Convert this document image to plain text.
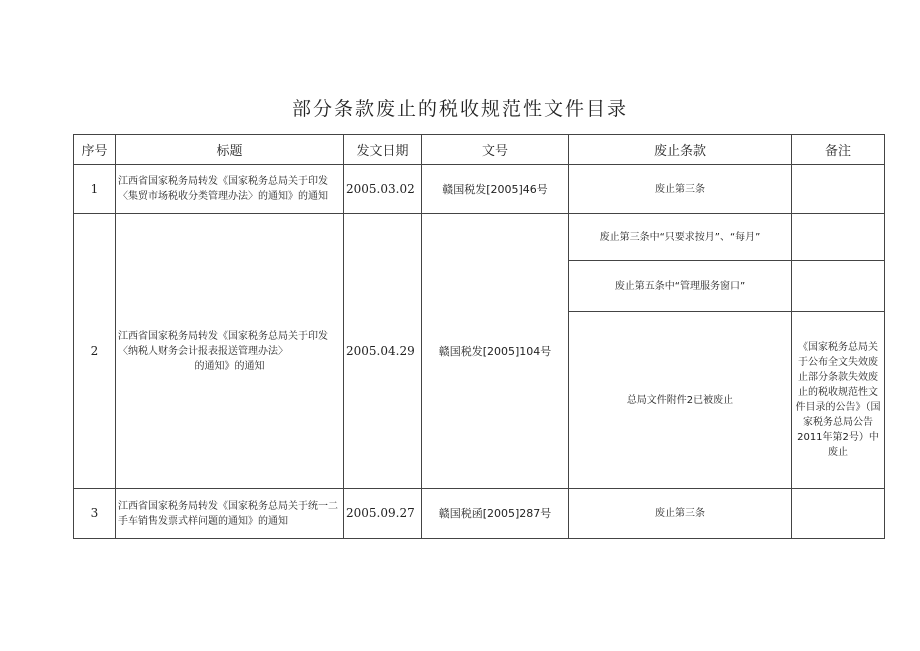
部分条款废止的税收规范性文件目录
序号	标题	发文日期	文号	废止条款	备注
1	江西省国家税务局转发《国家税务总局关于印发〈集贸市场税收分类管理办法〉的通知》的通知	2005.03.02	赣国税发[2005]46号	废止第三条	
2	江西省国家税务局转发《国家税务总局关于印发〈纳税人财务会计报表报送管理办法〉
的通知》的通知	2005.04.29	赣国税发[2005]104号	废止第三条中“只要求按月”、“每月”	
				废止第五条中“管理服务窗口”	
				总局文件附件2已被废止	《国家税务总局关于公布全文失效废止部分条款失效废止的税收规范性文件目录的公告》（国家税务总局公告2011年第2号）中废止
3	江西省国家税务局转发《国家税务总局关于统一二手车销售发票式样问题的通知》的通知	2005.09.27	赣国税函[2005]287号	废止第三条	
